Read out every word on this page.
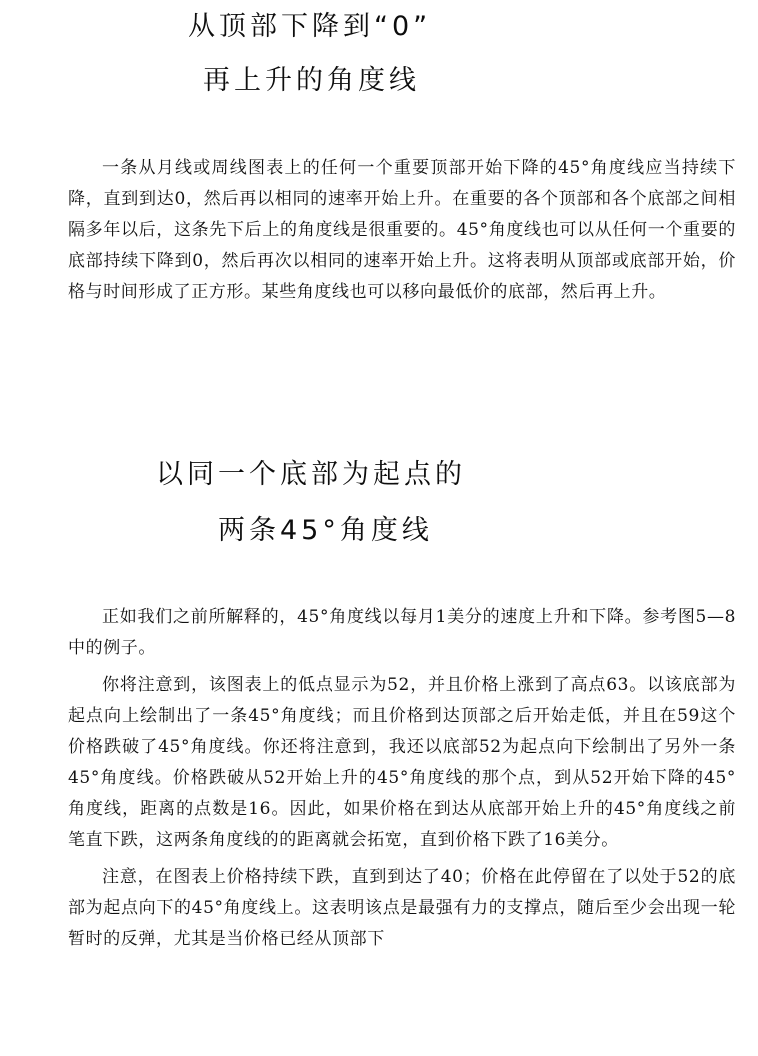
从顶部下降到“0”
再上升的角度线

一条从月线或周线图表上的任何一个重要顶部开始下降的45°角度线应当持续下降，直到到达0，然后再以相同的速率开始上升。在重要的各个顶部和各个底部之间相隔多年以后，这条先下后上的角度线是很重要的。45°角度线也可以从任何一个重要的底部持续下降到0，然后再次以相同的速率开始上升。这将表明从顶部或底部开始，价格与时间形成了正方形。某些角度线也可以移向最低价的底部，然后再上升。

以同一个底部为起点的
两条45°角度线

正如我们之前所解释的，45°角度线以每月1美分的速度上升和下降。参考图5—8中的例子。

你将注意到，该图表上的低点显示为52，并且价格上涨到了高点63。以该底部为起点向上绘制出了一条45°角度线；而且价格到达顶部之后开始走低，并且在59这个价格跌破了45°角度线。你还将注意到，我还以底部52为起点向下绘制出了另外一条45°角度线。价格跌破从52开始上升的45°角度线的那个点，到从52开始下降的45°角度线，距离的点数是16。因此，如果价格在到达从底部开始上升的45°角度线之前笔直下跌，这两条角度线的的距离就会拓宽，直到价格下跌了16美分。

注意，在图表上价格持续下跌，直到到达了40；价格在此停留在了以处于52的底部为起点向下的45°角度线上。这表明该点是最强有力的支撑点，随后至少会出现一轮暂时的反弹，尤其是当价格已经从顶部下
